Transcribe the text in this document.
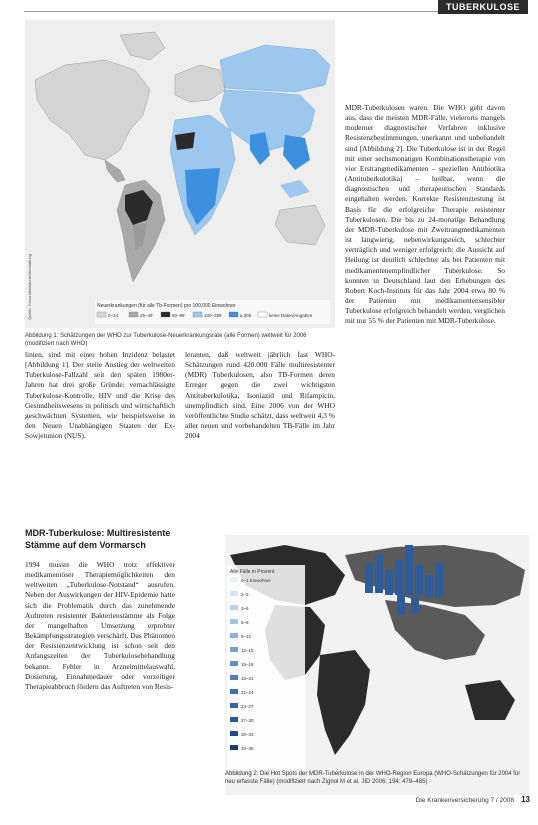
TUBERKULOSE
Neuerkrankungen (für alle Tb-Formen) pro 100.000 Einwohner
0–24	25–49	50–99	100–299	≥ 300	keine Daten/Angaben
Quelle: Gesundheitsberichterstattung
Abbildung 1: Schätzungen der WHO zur Tuberkulose-Neuerkrankungsrate (alle Formen) weltweit für 2006 (modifiziert nach WHO)

linien, sind mit einer hohen Inzidenz belastet [Abbildung 1]. Der steile Anstieg der weltweiten Tuberkulose-Fallzahl seit den späten 1980er-Jahren hat drei große Gründe: vernachlässigte Tuberkulose-Kontrolle, HIV und die Krise des Gesundheitswesens in politisch und wirtschaftlich geschwächten Systemen, wie beispielsweise in den Neuen Unabhängigen Staaten der Ex-Sowjetunion (NUS).

leranten, daß weltweit jährlich fast WHO-Schätzungen rund 420.000 Fälle multiresistenter (MDR) Tuberkulosen, also TB-Formen deren Erreger gegen die zwei wichtigsten Antituberkulotika, Isoniazid und Rifampicin, unempfindlich sind. Eine 2006 von der WHO veröffentlichte Studie schätzt, dass weltweit 4,3 % aller neuen und vorbehandelten TB-Fälle im Jahr 2004

MDR-Tuberkulosen waren. Die WHO geht davon aus, dass die meisten MDR-Fälle, vielerorts mangels moderner diagnostischer Verfahren inklusive Resistenzbestimmungen, unerkannt und unbehandelt sind [Abbildung 2]. Die Tuberkulose ist in der Regel mit einer sechsmonatigen Kombinationstherapie von vier Erstrangmedikamenten – speziellen Antibiotika (Antituberkulotika) – heilbar, wenn die diagnostischen und therapeutischen Standards eingehalten werden. Korrekte Resistenztestung ist Basis für die erfolgreiche Therapie resistenter Tuberkulosen. Die bis zu 24-monatige Behandlung der MDR-Tuberkulose mit Zweitrangmedikamenten ist langwierig, nebenwirkungsreich, schlechter verträglich und weniger erfolgreich: die Aussicht auf Heilung ist deutlich schlechter als bei Patienten mit medikamentenempfindlicher Tuberkulose. So konnten in Deutschland laut den Erhebungen des Robert Koch-Instituts für das Jahr 2004 etwa 80 % der Patienten mit medikamentensensibler Tuberkulose erfolgreich behandelt werden, verglichen mit nur 55 % der Patienten mit MDR-Tuberkulose.

MDR-Tuberkulose: Multiresistente Stämme auf dem Vormarsch

1994 musste die WHO trotz effektiver medikamentöser Therapiemöglichkeiten den weltweiten „Tuberkulose-Notstand“ ausrufen. Neben der Auswirkungen der HIV-Epidemie hatte sich die Problematik durch das zunehmende Auftreten resistenter Bakterienstämme als Folge der mangelhaften Umsetzung erprobter Bekämpfungsstrategien verschärft. Das Phänomen der Resistenzentwicklung ist schon seit den Anfangszeiten der Tuberkulosebehandlung bekannt. Fehler in Arzneimittelauswahl, Dosierung, Einnahmedauer oder vorzeitiger Therapieabbruch fördern das Auftreten von Resis-

Alle Fälle in Prozent
0–1 Einwohner
2–3
3–6
6–9
9–12
12–15
15–18
18–21
21–24
24–27
27–30
30–33
33–36
Abbildung 2: Die Hot Spots der MDR-Tuberkulose in der WHO-Region Europa (WHO-Schätzungen für 2004 für neu erfasste Fälle) (modifiziert nach Zignol M et al. JID 2006; 194: 479–485)
Die Krankenversicherung 7 / 2008 13
